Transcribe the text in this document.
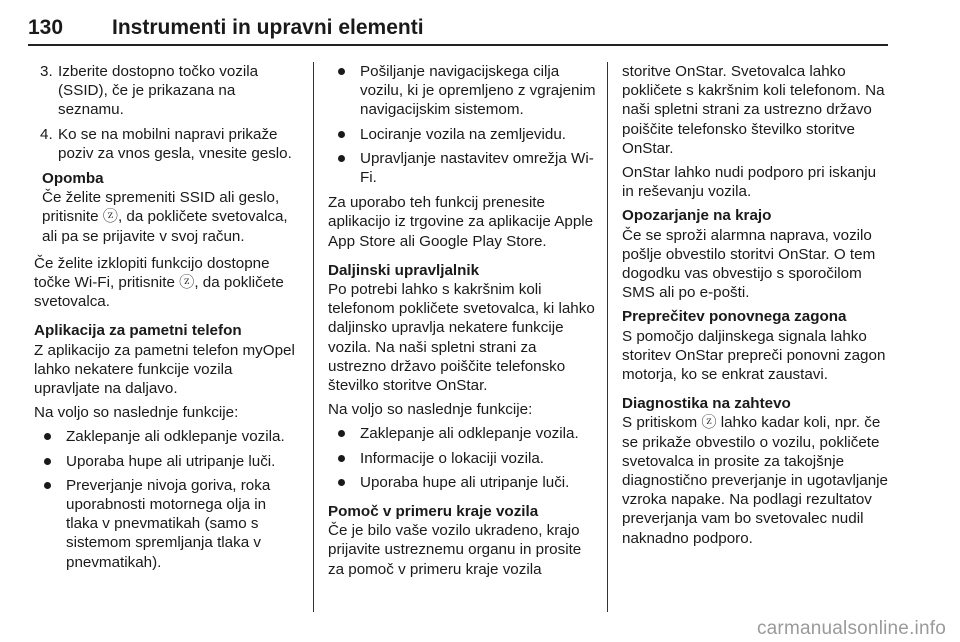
130	Instrumenti in upravni elementi
3. Izberite dostopno točko vozila (SSID), če je prikazana na seznamu.
4. Ko se na mobilni napravi prikaže poziv za vnos gesla, vnesite geslo.
Opomba
Če želite spremeniti SSID ali geslo, pritisnite ⓩ, da pokličete svetovalca, ali pa se prijavite v svoj račun.

Če želite izklopiti funkcijo dostopne točke Wi-Fi, pritisnite ⓩ, da pokličete svetovalca.

Aplikacija za pametni telefon

Z aplikacijo za pametni telefon myOpel lahko nekatere funkcije vozila upravljate na daljavo.

Na voljo so naslednje funkcije:

Zaklepanje ali odklepanje vozila.
Uporaba hupe ali utripanje luči.
Preverjanje nivoja goriva, roka uporabnosti motornega olja in tlaka v pnevmatikah (samo s sistemom spremljanja tlaka v pnevmatikah).
Pošiljanje navigacijskega cilja vozilu, ki je opremljeno z vgrajenim navigacijskim sistemom.
Lociranje vozila na zemljevidu.
Upravljanje nastavitev omrežja Wi-Fi.

Za uporabo teh funkcij prenesite aplikacijo iz trgovine za aplikacije Apple App Store ali Google Play Store.

Daljinski upravljalnik

Po potrebi lahko s kakršnim koli telefonom pokličete svetovalca, ki lahko daljinsko upravlja nekatere funkcije vozila. Na naši spletni strani za ustrezno državo poiščite telefonsko številko storitve OnStar.

Na voljo so naslednje funkcije:

Zaklepanje ali odklepanje vozila.
Informacije o lokaciji vozila.
Uporaba hupe ali utripanje luči.

Pomoč v primeru kraje vozila

Če je bilo vaše vozilo ukradeno, krajo prijavite ustreznemu organu in prosite za pomoč v primeru kraje vozila

storitve OnStar. Svetovalca lahko pokličete s kakršnim koli telefonom. Na naši spletni strani za ustrezno državo poiščite telefonsko številko storitve OnStar.

OnStar lahko nudi podporo pri iskanju in reševanju vozila.

Opozarjanje na krajo

Če se sproži alarmna naprava, vozilo pošlje obvestilo storitvi OnStar. O tem dogodku vas obvestijo s sporočilom SMS ali po e-pošti.

Preprečitev ponovnega zagona

S pomočjo daljinskega signala lahko storitev OnStar prepreči ponovni zagon motorja, ko se enkrat zaustavi.

Diagnostika na zahtevo

S pritiskom ⓩ lahko kadar koli, npr. če se prikaže obvestilo o vozilu, pokličete svetovalca in prosite za takojšnje diagnostično preverjanje in ugotavljanje vzroka napake. Na podlagi rezultatov preverjanja vam bo svetovalec nudil naknadno podporo.

carmanualsonline.info
